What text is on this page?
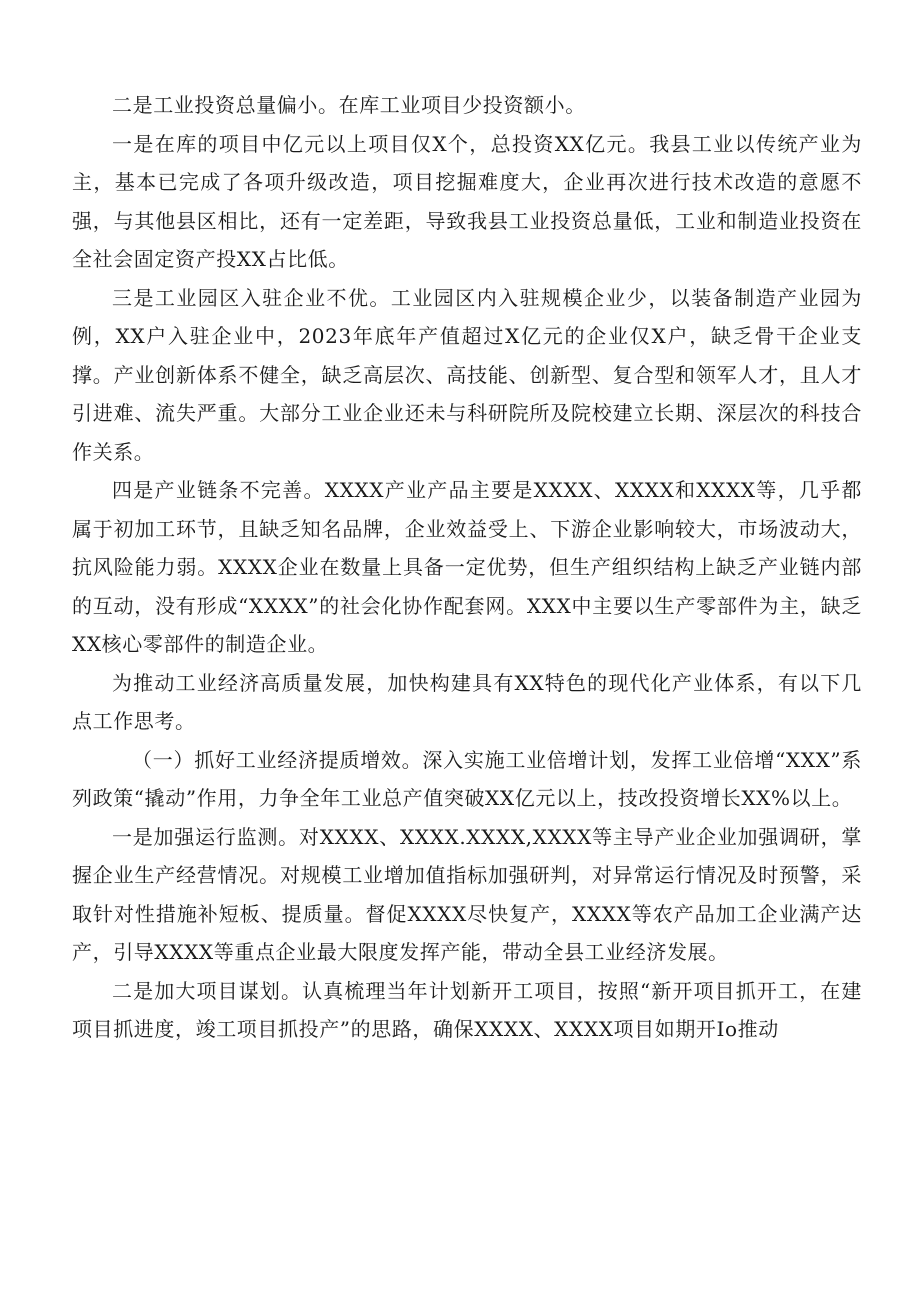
二是工业投资总量偏小。在库工业项目少投资额小。

一是在库的项目中亿元以上项目仅X个，总投资XX亿元。我县工业以传统产业为主，基本已完成了各项升级改造，项目挖掘难度大，企业再次进行技术改造的意愿不强，与其他县区相比，还有一定差距，导致我县工业投资总量低，工业和制造业投资在全社会固定资产投XX占比低。

三是工业园区入驻企业不优。工业园区内入驻规模企业少，以装备制造产业园为例，XX户入驻企业中，2023年底年产值超过X亿元的企业仅X户，缺乏骨干企业支撑。产业创新体系不健全，缺乏高层次、高技能、创新型、复合型和领军人才，且人才引进难、流失严重。大部分工业企业还未与科研院所及院校建立长期、深层次的科技合作关系。

四是产业链条不完善。XXXX产业产品主要是XXXX、XXXX和XXXX等，几乎都属于初加工环节，且缺乏知名品牌，企业效益受上、下游企业影响较大，市场波动大，抗风险能力弱。XXXX企业在数量上具备一定优势，但生产组织结构上缺乏产业链内部的互动，没有形成“XXXX”的社会化协作配套网。XXX中主要以生产零部件为主，缺乏XX核心零部件的制造企业。

为推动工业经济高质量发展，加快构建具有XX特色的现代化产业体系，有以下几点工作思考。

（一）抓好工业经济提质增效。深入实施工业倍增计划，发挥工业倍增“XXX”系列政策“撬动”作用，力争全年工业总产值突破XX亿元以上，技改投资增长XX%以上。

一是加强运行监测。对XXXX、XXXX.XXXX,XXXX等主导产业企业加强调研，掌握企业生产经营情况。对规模工业增加值指标加强研判，对异常运行情况及时预警，采取针对性措施补短板、提质量。督促XXXX尽快复产，XXXX等农产品加工企业满产达产，引导XXXX等重点企业最大限度发挥产能，带动全县工业经济发展。

二是加大项目谋划。认真梳理当年计划新开工项目，按照“新开项目抓开工，在建项目抓进度，竣工项目抓投产”的思路，确保XXXX、XXXX项目如期开Io推动
